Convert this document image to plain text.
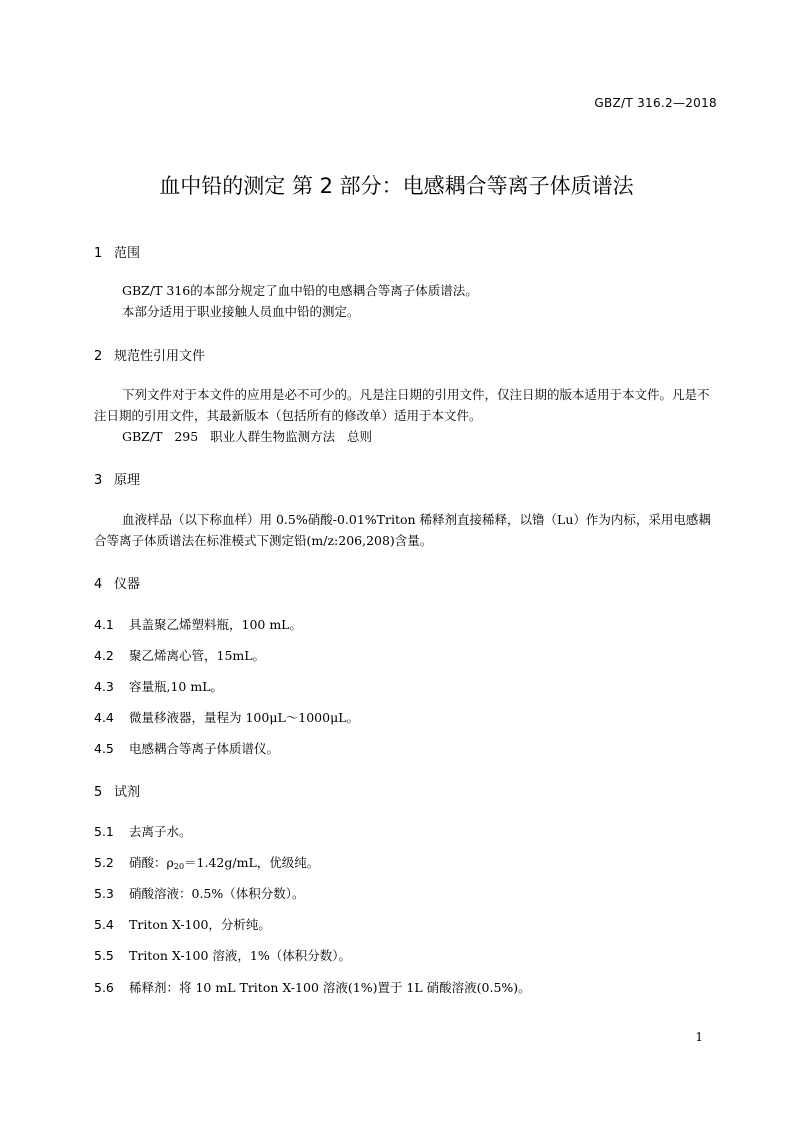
GBZ/T 316.2—2018
血中铅的测定 第 2 部分：电感耦合等离子体质谱法
1 范围

GBZ/T 316的本部分规定了血中铅的电感耦合等离子体质谱法。

本部分适用于职业接触人员血中铅的测定。

2 规范性引用文件

下列文件对于本文件的应用是必不可少的。凡是注日期的引用文件，仅注日期的版本适用于本文件。凡是不注日期的引用文件，其最新版本（包括所有的修改单）适用于本文件。

GBZ/T   295   职业人群生物监测方法   总则

3 原理

血液样品（以下称血样）用 0.5%硝酸-0.01%Triton 稀释剂直接稀释，以镥（Lu）作为内标，采用电感耦合等离子体质谱法在标准模式下测定铅(m/z:206,208)含量。

4 仪器
4.1 具盖聚乙烯塑料瓶，100 mL。
4.2 聚乙烯离心管，15mL。
4.3 容量瓶,10 mL。
4.4 微量移液器，量程为 100μL～1000μL。
4.5 电感耦合等离子体质谱仪。
5 试剂
5.1 去离子水。
5.2 硝酸：$\rho_{20}=1.42g/mL$，优级纯。
5.3 硝酸溶液：0.5%（体积分数）。
5.4 Triton X-100，分析纯。
5.5 Triton X-100 溶液，1%（体积分数）。
5.6 稀释剂：将 10 mL Triton X-100 溶液(1%)置于 1L 硝酸溶液(0.5%)。
1
